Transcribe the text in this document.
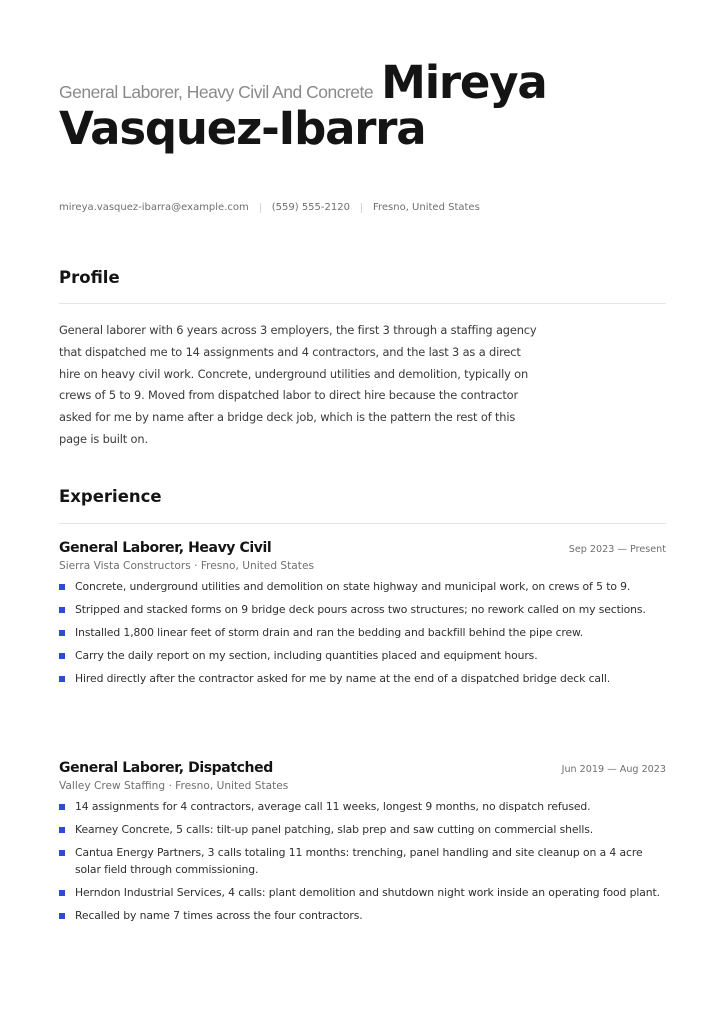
General Laborer, Heavy Civil And Concrete Mireya
Vasquez-Ibarra
mireya.vasquez-ibarra@example.com (559) 555-2120 Fresno, United States
Profile
General laborer with 6 years across 3 employers, the first 3 through a staffing agency that dispatched me to 14 assignments and 4 contractors, and the last 3 as a direct hire on heavy civil work. Concrete, underground utilities and demolition, typically on crews of 5 to 9. Moved from dispatched labor to direct hire because the contractor asked for me by name after a bridge deck job, which is the pattern the rest of this page is built on.
Experience
General Laborer, Heavy Civil	Sep 2023 — Present
Sierra Vista Constructors · Fresno, United States
Concrete, underground utilities and demolition on state highway and municipal work, on crews of 5 to 9.
Stripped and stacked forms on 9 bridge deck pours across two structures; no rework called on my sections.
Installed 1,800 linear feet of storm drain and ran the bedding and backfill behind the pipe crew.
Carry the daily report on my section, including quantities placed and equipment hours.
Hired directly after the contractor asked for me by name at the end of a dispatched bridge deck call.
General Laborer, Dispatched	Jun 2019 — Aug 2023
Valley Crew Staffing · Fresno, United States
14 assignments for 4 contractors, average call 11 weeks, longest 9 months, no dispatch refused.
Kearney Concrete, 5 calls: tilt-up panel patching, slab prep and saw cutting on commercial shells.
Cantua Energy Partners, 3 calls totaling 11 months: trenching, panel handling and site cleanup on a 4 acre solar field through commissioning.
Herndon Industrial Services, 4 calls: plant demolition and shutdown night work inside an operating food plant.
Recalled by name 7 times across the four contractors.
